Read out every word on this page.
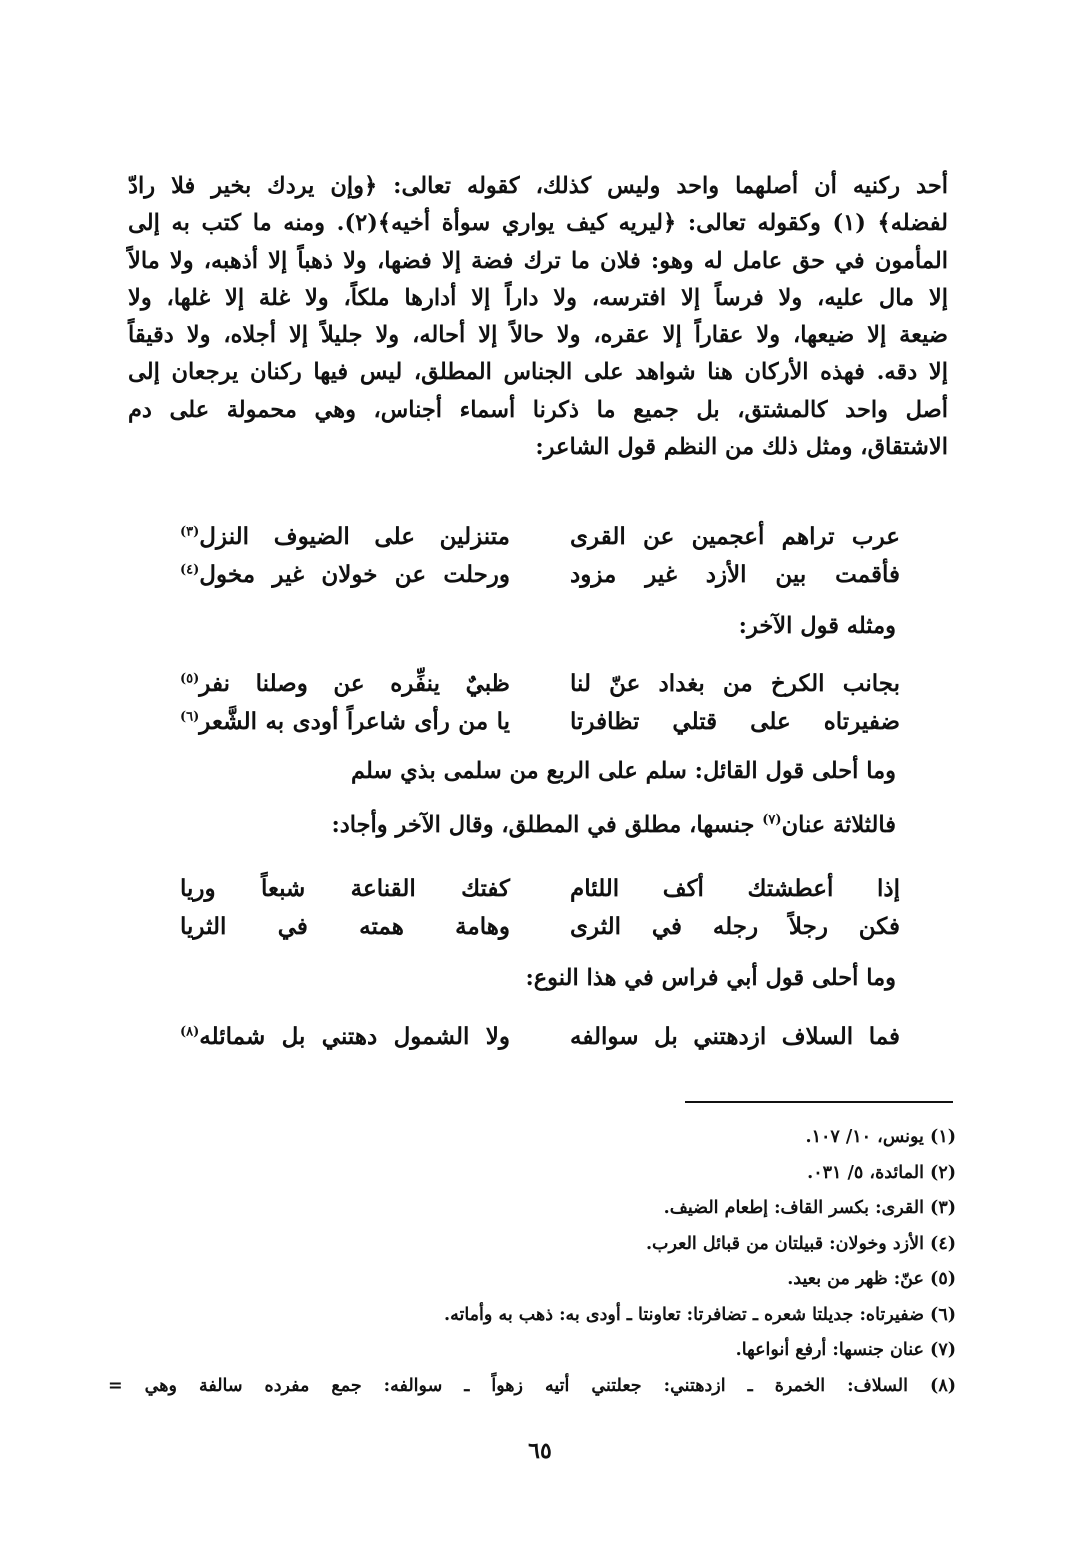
أحد ركنيه أن أصلهما واحد وليس كذلك، كقوله تعالى: ﴿وإن يردك بخير فلا رادّ
لفضله﴾ (١) وكقوله تعالى: ﴿ليريه كيف يواري سوأة أخيه﴾(٢). ومنه ما كتب به إلى
المأمون في حق عامل له وهو: فلان ما ترك فضة إلا فضها، ولا ذهباً إلا أذهبه، ولا مالاً
إلا مال عليه، ولا فرساً إلا افترسه، ولا داراً إلا أدارها ملكاً، ولا غلة إلا غلها، ولا
ضيعة إلا ضيعها، ولا عقاراً إلا عقره، ولا حالاً إلا أحاله، ولا جليلاً إلا أجلاه، ولا دقيقاً
إلا دقه. فهذه الأركان هنا شواهد على الجناس المطلق، ليس فيها ركنان يرجعان إلى
أصل واحد كالمشتق، بل جميع ما ذكرنا أسماء أجناس، وهي محمولة على دم
الاشتقاق، ومثل ذلك من النظم قول الشاعر:
عرب تراهم أعجمين عن القرى
متنزلين على الضيوف النزل$^{(٣)}$
فأقمت بين الأزد غير مزود
ورحلت عن خولان غير مخول$^{(٤)}$
ومثله قول الآخر:
بجانب الكرخ من بغداد عنّ لنا
ظبيٌ ينفِّره عن وصلنا نفر$^{(٥)}$
ضفيرتاه على قتلي تظافرتا
يا من رأى شاعراً أودى به الشَّعر$^{(٦)}$
وما أحلى قول القائل: سلم على الربع من سلمى بذي سلم
فالثلاثة عنان$^{(٧)}$ جنسها، مطلق في المطلق، وقال الآخر وأجاد:
إذا أعطشتك أكف اللئام
كفتك القناعة شبعاً وريا
فكن رجلاً رجله في الثرى
وهامة همته في الثريا
وما أحلى قول أبي فراس في هذا النوع:
فما السلاف ازدهتني بل سوالفه
ولا الشمول دهتني بل شمائله$^{(٨)}$
(١) يونس، ١٠/ ١٠٧.
(٢) المائدة، ٥/ ٠٣١.
(٣) القرى: بكسر القاف: إطعام الضيف.
(٤) الأزد وخولان: قبيلتان من قبائل العرب.
(٥) عنّ: ظهر من بعيد.
(٦) ضفيرتاه: جديلتا شعره ـ تضافرتا: تعاونتا ـ أودى به: ذهب به وأماته.
(٧) عنان جنسها: أرفع أنواعها.
(٨) السلاف: الخمرة ـ ازدهتني: جعلتني أتيه زهواً ـ سوالفه: جمع مفرده سالفة وهي =
٦٥
